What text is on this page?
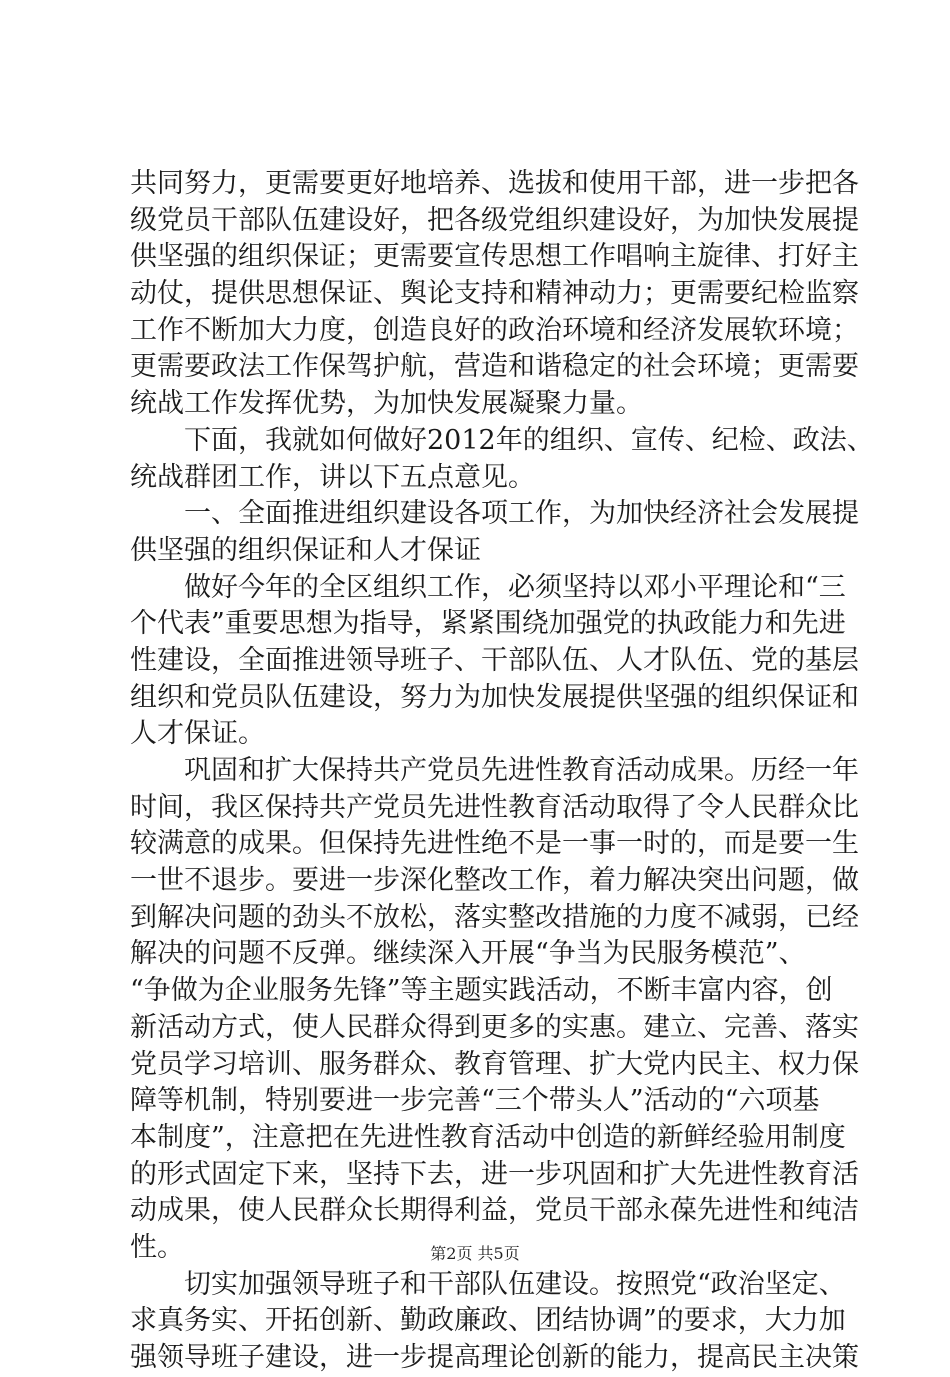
共同努力，更需要更好地培养、选拔和使用干部，进一步把各
级党员干部队伍建设好，把各级党组织建设好，为加快发展提
供坚强的组织保证；更需要宣传思想工作唱响主旋律、打好主
动仗，提供思想保证、舆论支持和精神动力；更需要纪检监察
工作不断加大力度，创造良好的政治环境和经济发展软环境；
更需要政法工作保驾护航，营造和谐稳定的社会环境；更需要
统战工作发挥优势，为加快发展凝聚力量。
　　下面，我就如何做好2012年的组织、宣传、纪检、政法、
统战群团工作，讲以下五点意见。
　　一、全面推进组织建设各项工作，为加快经济社会发展提
供坚强的组织保证和人才保证
　　做好今年的全区组织工作，必须坚持以邓小平理论和“三
个代表”重要思想为指导，紧紧围绕加强党的执政能力和先进
性建设，全面推进领导班子、干部队伍、人才队伍、党的基层
组织和党员队伍建设，努力为加快发展提供坚强的组织保证和
人才保证。
　　巩固和扩大保持共产党员先进性教育活动成果。历经一年
时间，我区保持共产党员先进性教育活动取得了令人民群众比
较满意的成果。但保持先进性绝不是一事一时的，而是要一生
一世不退步。要进一步深化整改工作，着力解决突出问题，做
到解决问题的劲头不放松，落实整改措施的力度不减弱，已经
解决的问题不反弹。继续深入开展“争当为民服务模范”、
“争做为企业服务先锋”等主题实践活动，不断丰富内容，创
新活动方式，使人民群众得到更多的实惠。建立、完善、落实
党员学习培训、服务群众、教育管理、扩大党内民主、权力保
障等机制，特别要进一步完善“三个带头人”活动的“六项基
本制度”，注意把在先进性教育活动中创造的新鲜经验用制度
的形式固定下来，坚持下去，进一步巩固和扩大先进性教育活
动成果，使人民群众长期得利益，党员干部永葆先进性和纯洁
性。
　　切实加强领导班子和干部队伍建设。按照党“政治坚定、
求真务实、开拓创新、勤政廉政、团结协调”的要求，大力加
强领导班子建设，进一步提高理论创新的能力，提高民主决策
第2页 共5页
